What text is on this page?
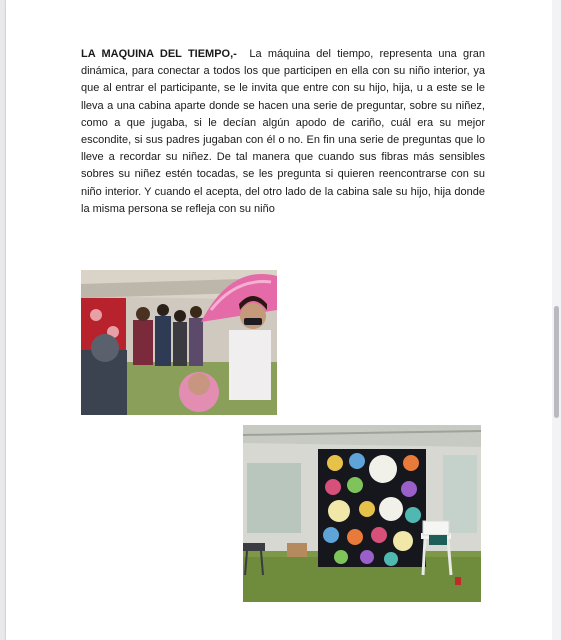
LA MAQUINA DEL TIEMPO,- La máquina del tiempo, representa una gran dinámica, para conectar a todos los que participen en ella con su niño interior, ya que al entrar el participante, se le invita que entre con su hijo, hija, u a este se le lleva a una cabina aparte donde se hacen una serie de preguntar, sobre su niñez, como a que jugaba, si le decían algún apodo de cariño, cuál era su mejor escondite, si sus padres jugaban con él o no. En fin una serie de preguntas que lo lleve a recordar su niñez. De tal manera que cuando sus fibras más sensibles sobres su niñez estén tocadas, se les pregunta si quieren reencontrarse con su niño interior. Y cuando el acepta, del otro lado de la cabina sale su hijo, hija donde la misma persona se refleja con su niño
